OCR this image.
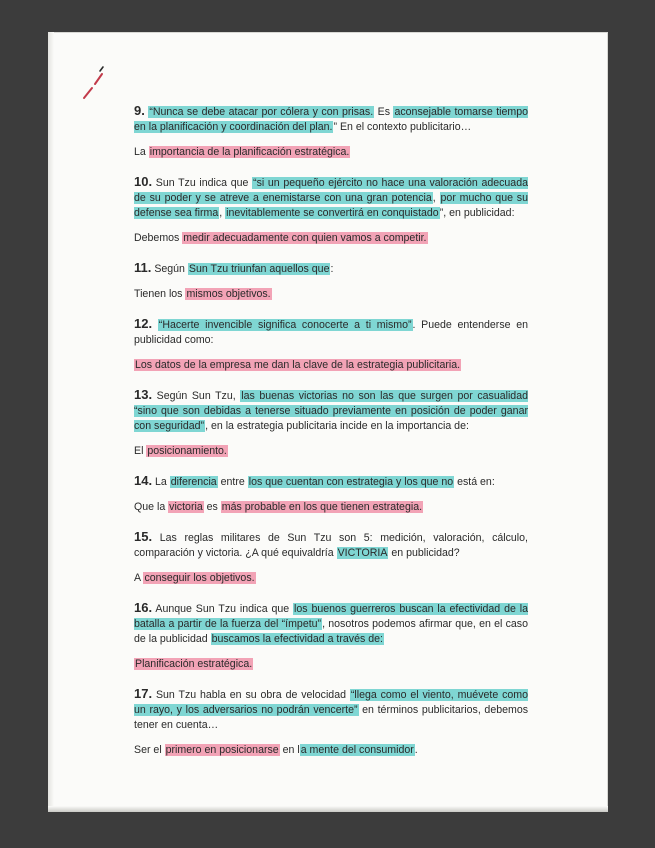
9. “Nunca se debe atacar por cólera y con prisas. Es aconsejable tomarse tiempo en la planificación y coordinación del plan.” En el contexto publicitario…

La importancia de la planificación estratégica.

10. Sun Tzu indica que “si un pequeño ejército no hace una valoración adecuada de su poder y se atreve a enemistarse con una gran potencia, por mucho que su defense sea firma, inevitablemente se convertirá en conquistado”, en publicidad:

Debemos medir adecuadamente con quien vamos a competir.

11. Según Sun Tzu triunfan aquellos que:

Tienen los mismos objetivos.

12. “Hacerte invencible significa conocerte a ti mismo”. Puede entenderse en publicidad como:

Los datos de la empresa me dan la clave de la estrategia publicitaria.

13. Según Sun Tzu, las buenas victorias no son las que surgen por casualidad “sino que son debidas a tenerse situado previamente en posición de poder ganar con seguridad”, en la estrategia publicitaria incide en la importancia de:

El posicionamiento.

14. La diferencia entre los que cuentan con estrategia y los que no está en:

Que la victoria es más probable en los que tienen estrategia.

15. Las reglas militares de Sun Tzu son 5: medición, valoración, cálculo, comparación y victoria. ¿A qué equivaldría VICTORIA en publicidad?

A conseguir los objetivos.

16. Aunque Sun Tzu indica que los buenos guerreros buscan la efectividad de la batalla a partir de la fuerza del “ímpetu”, nosotros podemos afirmar que, en el caso de la publicidad buscamos la efectividad a través de:

Planificación estratégica.

17. Sun Tzu habla en su obra de velocidad “llega como el viento, muévete como un rayo, y los adversarios no podrán vencerte” en términos publicitarios, debemos tener en cuenta…

Ser el primero en posicionarse en la mente del consumidor.
